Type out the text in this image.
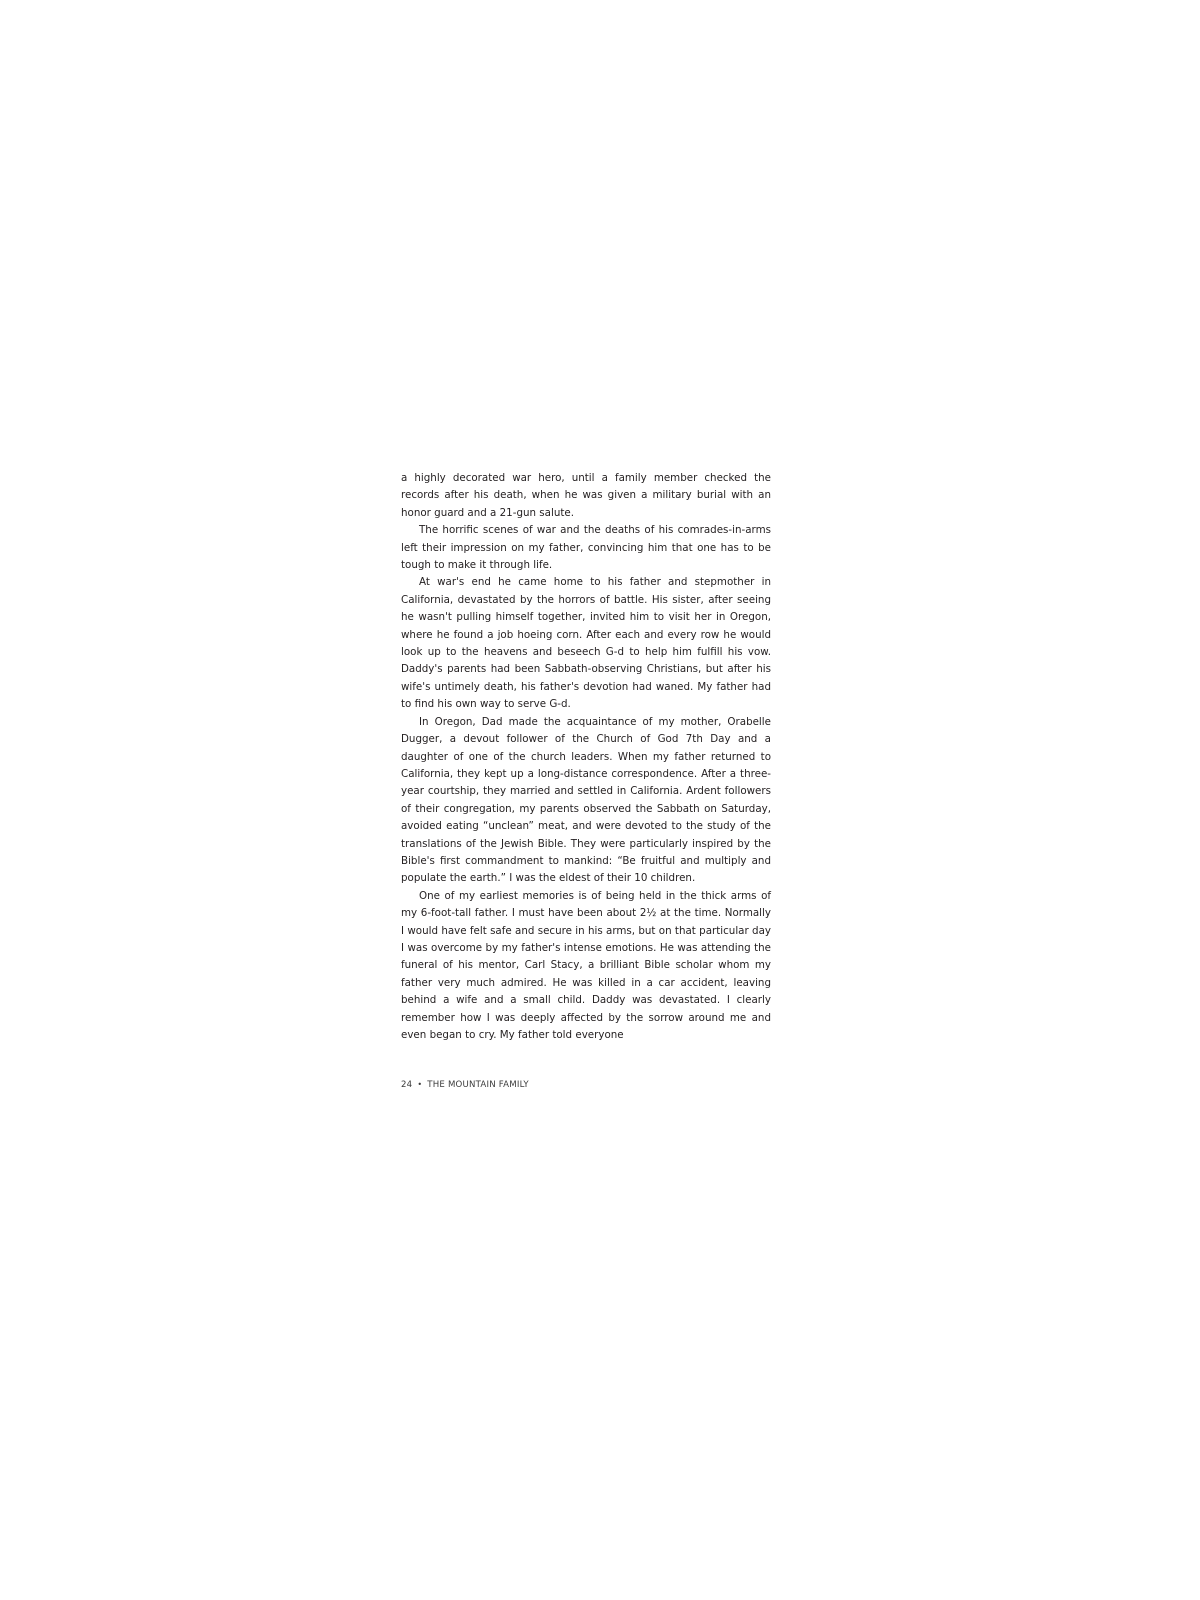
a highly decorated war hero, until a family member checked the records after his death, when he was given a military burial with an honor guard and a 21-gun salute.

The horrific scenes of war and the deaths of his comrades-in-arms left their impression on my father, convincing him that one has to be tough to make it through life.

At war's end he came home to his father and stepmother in California, devastated by the horrors of battle. His sister, after seeing he wasn't pulling himself together, invited him to visit her in Oregon, where he found a job hoeing corn. After each and every row he would look up to the heavens and beseech G-d to help him fulfill his vow. Daddy's parents had been Sabbath-observing Christians, but after his wife's untimely death, his father's devotion had waned. My father had to find his own way to serve G-d.

In Oregon, Dad made the acquaintance of my mother, Orabelle Dugger, a devout follower of the Church of God 7th Day and a daughter of one of the church leaders. When my father returned to California, they kept up a long-distance correspondence. After a three-year courtship, they married and settled in California. Ardent followers of their congregation, my parents observed the Sabbath on Saturday, avoided eating “unclean” meat, and were devoted to the study of the translations of the Jewish Bible. They were particularly inspired by the Bible's first commandment to mankind: “Be fruitful and multiply and populate the earth.” I was the eldest of their 10 children.

One of my earliest memories is of being held in the thick arms of my 6-foot-tall father. I must have been about 2½ at the time. Normally I would have felt safe and secure in his arms, but on that particular day I was overcome by my father's intense emotions. He was attending the funeral of his mentor, Carl Stacy, a brilliant Bible scholar whom my father very much admired. He was killed in a car accident, leaving behind a wife and a small child. Daddy was devastated. I clearly remember how I was deeply affected by the sorrow around me and even began to cry. My father told everyone

24 • THE MOUNTAIN FAMILY
